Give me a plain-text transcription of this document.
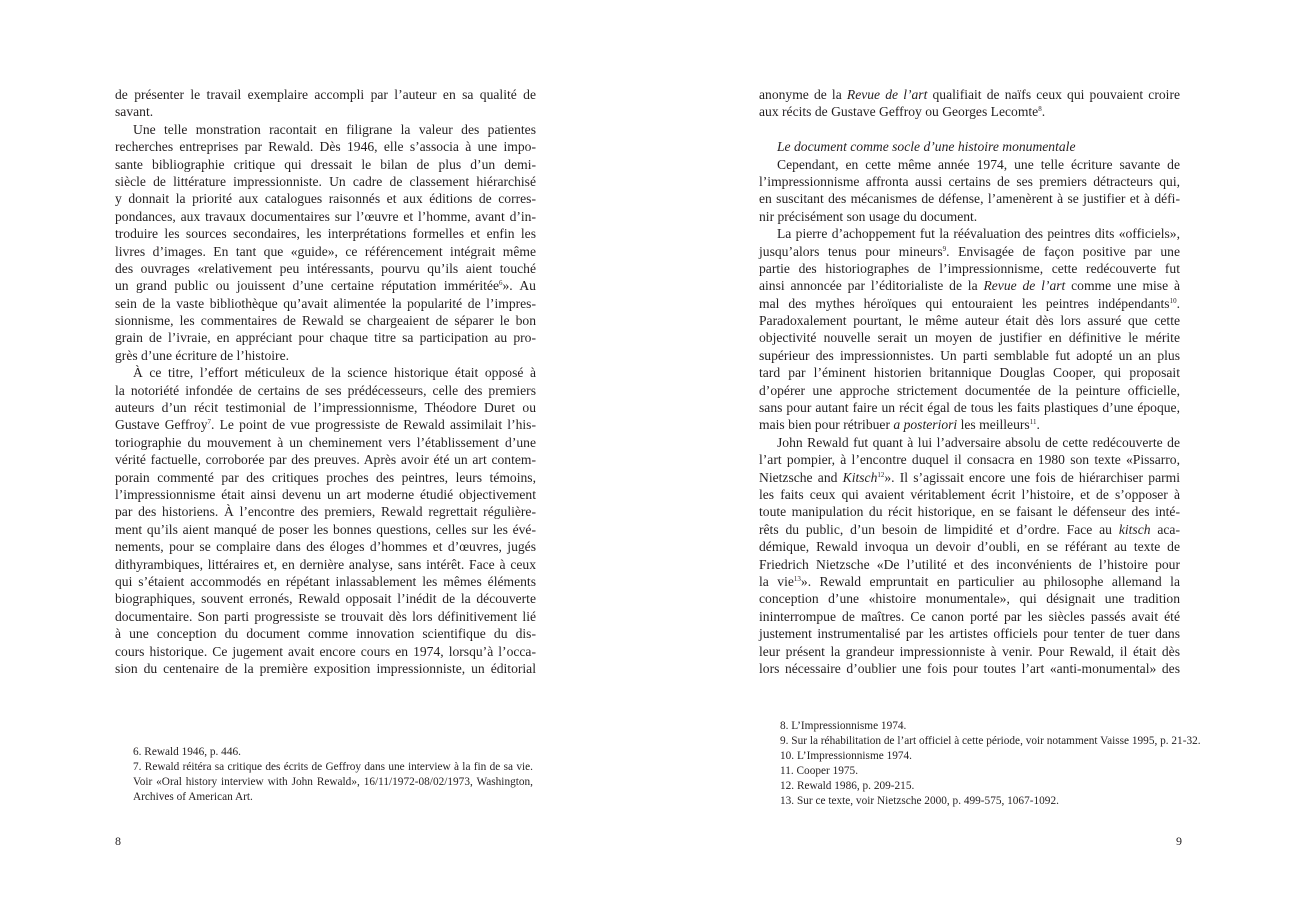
de présenter le travail exemplaire accompli par l’auteur en sa qualité de
savant.
Une telle monstration racontait en filigrane la valeur des patientes
recherches entreprises par Rewald. Dès 1946, elle s’associa à une impo-
sante bibliographie critique qui dressait le bilan de plus d’un demi-
siècle de littérature impressionniste. Un cadre de classement hiérarchisé
y donnait la priorité aux catalogues raisonnés et aux éditions de corres-
pondances, aux travaux documentaires sur l’œuvre et l’homme, avant d’in-
troduire les sources secondaires, les interprétations formelles et enfin les
livres d’images. En tant que «guide», ce référencement intégrait même
des ouvrages «relativement peu intéressants, pourvu qu’ils aient touché
un grand public ou jouissent d’une certaine réputation imméritée$^6$». Au
sein de la vaste bibliothèque qu’avait alimentée la popularité de l’impres-
sionnisme, les commentaires de Rewald se chargeaient de séparer le bon
grain de l’ivraie, en appréciant pour chaque titre sa participation au pro-
grès d’une écriture de l’histoire.
À ce titre, l’effort méticuleux de la science historique était opposé à
la notoriété infondée de certains de ses prédécesseurs, celle des premiers
auteurs d’un récit testimonial de l’impressionnisme, Théodore Duret ou
Gustave Geffroy$^7$. Le point de vue progressiste de Rewald assimilait l’his-
toriographie du mouvement à un cheminement vers l’établissement d’une
vérité factuelle, corroborée par des preuves. Après avoir été un art contem-
porain commenté par des critiques proches des peintres, leurs témoins,
l’impressionnisme était ainsi devenu un art moderne étudié objectivement
par des historiens. À l’encontre des premiers, Rewald regrettait régulière-
ment qu’ils aient manqué de poser les bonnes questions, celles sur les évé-
nements, pour se complaire dans des éloges d’hommes et d’œuvres, jugés
dithyrambiques, littéraires et, en dernière analyse, sans intérêt. Face à ceux
qui s’étaient accommodés en répétant inlassablement les mêmes éléments
biographiques, souvent erronés, Rewald opposait l’inédit de la découverte
documentaire. Son parti progressiste se trouvait dès lors définitivement lié
à une conception du document comme innovation scientifique du dis-
cours historique. Ce jugement avait encore cours en 1974, lorsqu’à l’occa-
sion du centenaire de la première exposition impressionniste, un éditorial
6. Rewald 1946, p. 446.
7. Rewald réitéra sa critique des écrits de Geffroy dans une interview à la fin de sa vie.
Voir «Oral history interview with John Rewald», 16/11/1972-08/02/1973, Washington,
Archives of American Art.
8
anonyme de la Revue de l’art qualifiait de naïfs ceux qui pouvaient croire
aux récits de Gustave Geffroy ou Georges Lecomte$^8$.
Le document comme socle d’une histoire monumentale
Cependant, en cette même année 1974, une telle écriture savante de
l’impressionnisme affronta aussi certains de ses premiers détracteurs qui,
en suscitant des mécanismes de défense, l’amenèrent à se justifier et à défi-
nir précisément son usage du document.
La pierre d’achoppement fut la réévaluation des peintres dits «officiels»,
jusqu’alors tenus pour mineurs$^9$. Envisagée de façon positive par une
partie des historiographes de l’impressionnisme, cette redécouverte fut
ainsi annoncée par l’éditorialiste de la Revue de l’art comme une mise à
mal des mythes héroïques qui entouraient les peintres indépendants$^{10}$.
Paradoxalement pourtant, le même auteur était dès lors assuré que cette
objectivité nouvelle serait un moyen de justifier en définitive le mérite
supérieur des impressionnistes. Un parti semblable fut adopté un an plus
tard par l’éminent historien britannique Douglas Cooper, qui proposait
d’opérer une approche strictement documentée de la peinture officielle,
sans pour autant faire un récit égal de tous les faits plastiques d’une époque,
mais bien pour rétribuer a posteriori les meilleurs$^{11}$.
John Rewald fut quant à lui l’adversaire absolu de cette redécouverte de
l’art pompier, à l’encontre duquel il consacra en 1980 son texte «Pissarro,
Nietzsche and Kitsch$^{12}$». Il s’agissait encore une fois de hiérarchiser parmi
les faits ceux qui avaient véritablement écrit l’histoire, et de s’opposer à
toute manipulation du récit historique, en se faisant le défenseur des inté-
rêts du public, d’un besoin de limpidité et d’ordre. Face au kitsch aca-
démique, Rewald invoqua un devoir d’oubli, en se référant au texte de
Friedrich Nietzsche «De l’utilité et des inconvénients de l’histoire pour
la vie$^{13}$». Rewald empruntait en particulier au philosophe allemand la
conception d’une «histoire monumentale», qui désignait une tradition
ininterrompue de maîtres. Ce canon porté par les siècles passés avait été
justement instrumentalisé par les artistes officiels pour tenter de tuer dans
leur présent la grandeur impressionniste à venir. Pour Rewald, il était dès
lors nécessaire d’oublier une fois pour toutes l’art «anti-monumental» des
8. L’Impressionnisme 1974.
9. Sur la réhabilitation de l’art officiel à cette période, voir notamment Vaisse 1995, p. 21-32.
10. L’Impressionnisme 1974.
11. Cooper 1975.
12. Rewald 1986, p. 209-215.
13. Sur ce texte, voir Nietzsche 2000, p. 499-575, 1067-1092.
9
